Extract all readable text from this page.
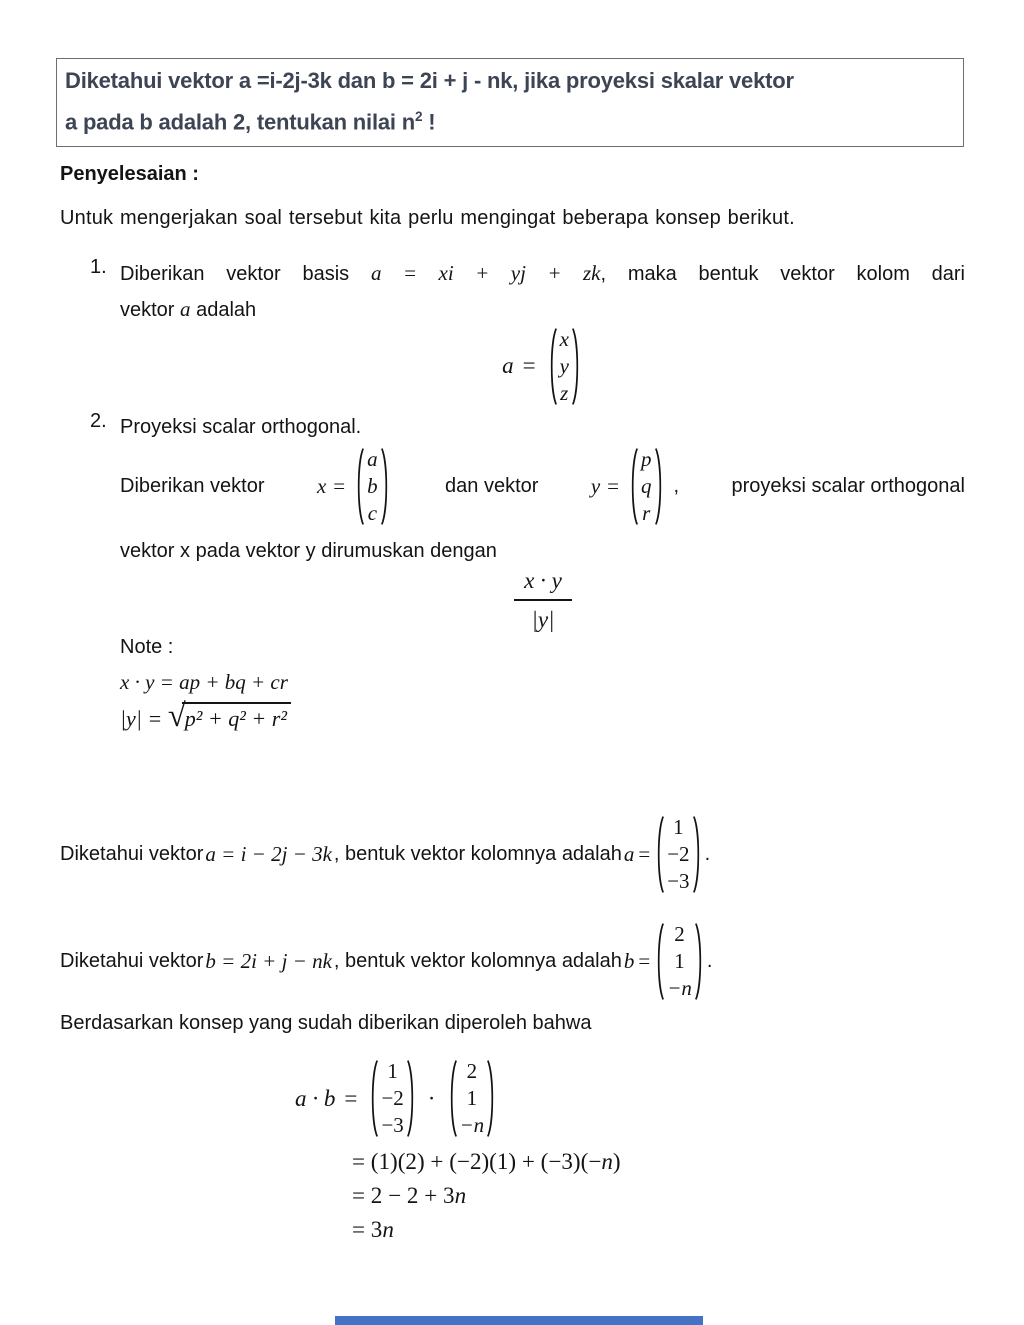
Diketahui vektor a =i-2j-3k dan b = 2i + j - nk, jika proyeksi skalar vektor
a pada b adalah 2, tentukan nilai $n^2$ !
Penyelesaian :
Untuk mengerjakan soal tersebut kita perlu mengingat beberapa konsep berikut.
1. Diberikan vektor basis a = xi + yj + zk, maka bentuk vektor kolom dari
vektor a adalah
a =
x
y
z
2. Proyeksi scalar orthogonal.
Diberikan vektor x =
a
b
c
dan vektor y =
p
q
r
,	proyeksi scalar orthogonal
vektor x pada vektor y dirumuskan dengan
$\frac{x \cdot y}{|y|}$
Note :
x · y = ap + bq + cr
|y| = √ p² + q² + r²
Diketahui vektor a = i − 2j − 3k , bentuk vektor kolomnya adalah a =
1
−2
−3
.
Diketahui vektor b = 2i + j − nk , bentuk vektor kolomnya adalah b =
2
1
−n
.
Berdasarkan konsep yang sudah diberikan diperoleh bahwa
a · b =
1
−2
−3
·
2
1
−n
= (1)(2) + (−2)(1) + (−3)(−n)
= 2 − 2 + 3n
= 3n
